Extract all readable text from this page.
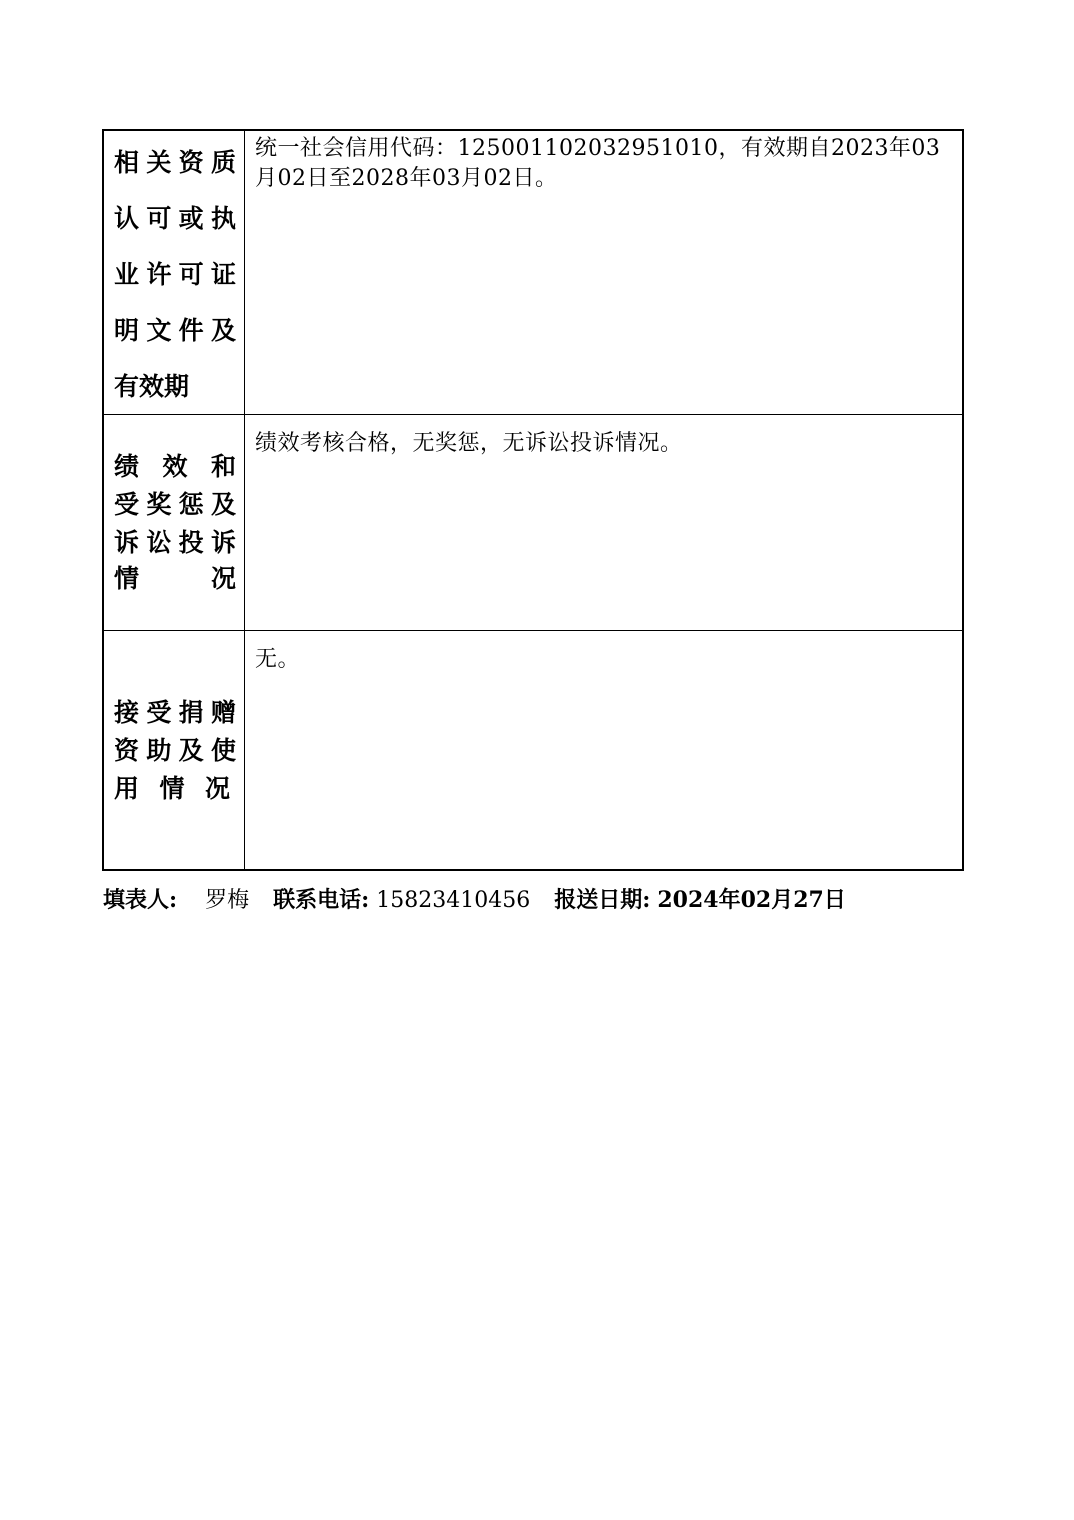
相关资质
认可或执
业许可证
明文件及
有效期	统一社会信用代码：125001102032951010，有效期自2023年03月02日至2028年03月02日。

绩 效 和
受奖惩及
诉讼投诉
情 况	绩效考核合格，无奖惩，无诉讼投诉情况。

接受捐赠
资助及使
用 情 况	无。
填表人: 罗梅 联系电话: 15823410456 报送日期: 2024年02月27日
